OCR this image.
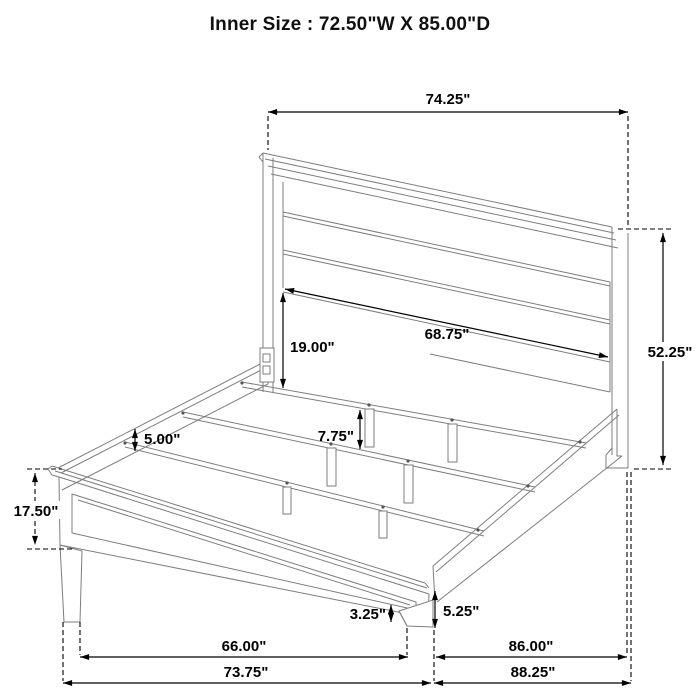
Inner Size : 72.50"W X 85.00"D
74.25"
52.25"
68.75"
19.00"
5.00"	7.75"
17.50"
3.25"	5.25"
66.00"	86.00"
73.75"	88.25"
